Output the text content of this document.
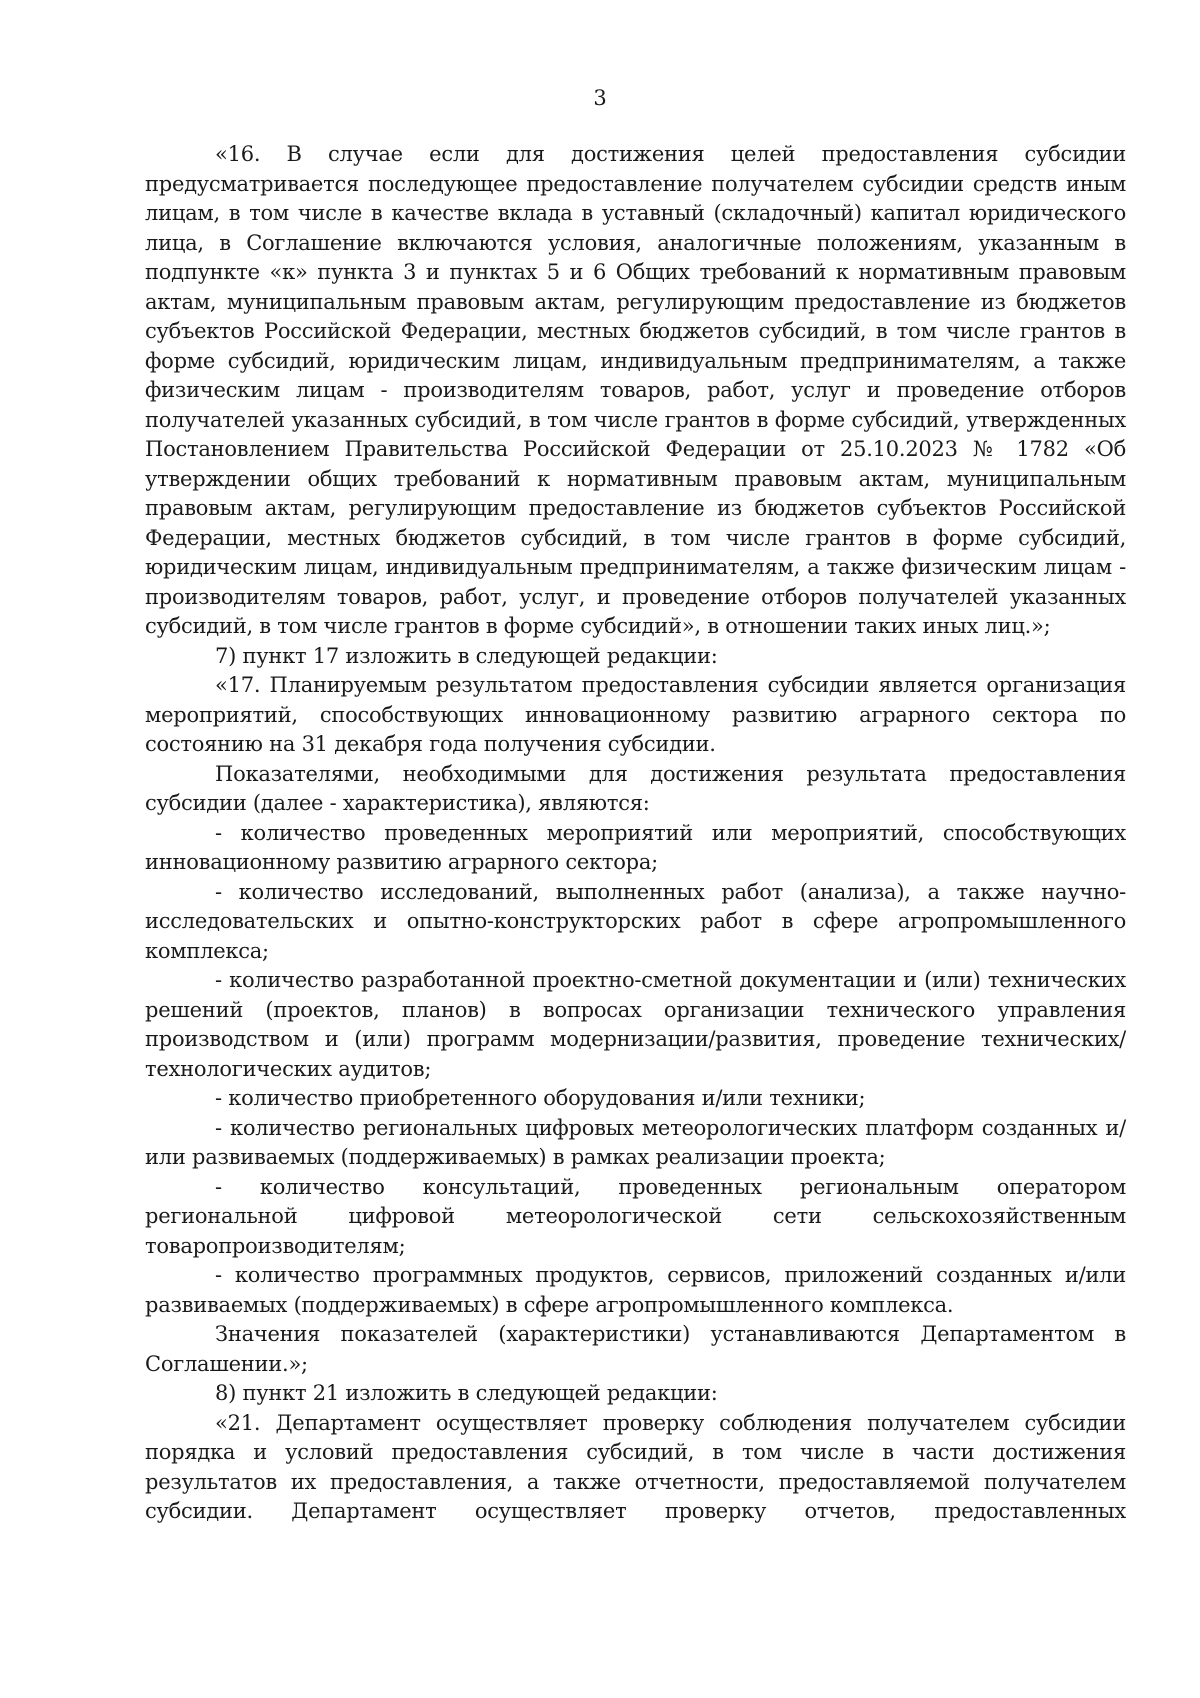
3

«16. В случае если для достижения целей предоставления субсидии предусматривается последующее предоставление получателем субсидии средств иным лицам, в том числе в качестве вклада в уставный (складочный) капитал юридического лица, в Соглашение включаются условия, аналогичные положениям, указанным в подпункте «к» пункта 3 и пунктах 5 и 6 Общих требований к нормативным правовым актам, муниципальным правовым актам, регулирующим предоставление из бюджетов субъектов Российской Федерации, местных бюджетов субсидий, в том числе грантов в форме субсидий, юридическим лицам, индивидуальным предпринимателям, а также физическим лицам - производителям товаров, работ, услуг и проведение отборов получателей указанных субсидий, в том числе грантов в форме субсидий, утвержденных Постановлением Правительства Российской Федерации от 25.10.2023 № 1782 «Об утверждении общих требований к нормативным правовым актам, муниципальным правовым актам, регулирующим предоставление из бюджетов субъектов Российской Федерации, местных бюджетов субсидий, в том числе грантов в форме субсидий, юридическим лицам, индивидуальным предпринимателям, а также физическим лицам - производителям товаров, работ, услуг, и проведение отборов получателей указанных субсидий, в том числе грантов в форме субсидий», в отношении таких иных лиц.»;

7) пункт 17 изложить в следующей редакции:

«17. Планируемым результатом предоставления субсидии является организация мероприятий, способствующих инновационному развитию аграрного сектора по состоянию на 31 декабря года получения субсидии.

Показателями, необходимыми для достижения результата предоставления субсидии (далее - характеристика), являются:

- количество проведенных мероприятий или мероприятий, способствующих инновационному развитию аграрного сектора;

- количество исследований, выполненных работ (анализа), а также научно-исследовательских и опытно-конструкторских работ в сфере агропромышленного комплекса;

- количество разработанной проектно-сметной документации и (или) технических решений (проектов, планов) в вопросах организации технического управления производством и (или) программ модернизации/развития, проведение технических/технологических аудитов;

- количество приобретенного оборудования и/или техники;

- количество региональных цифровых метеорологических платформ созданных и/или развиваемых (поддерживаемых) в рамках реализации проекта;

- количество консультаций, проведенных региональным оператором региональной цифровой метеорологической сети сельскохозяйственным товаропроизводителям;

- количество программных продуктов, сервисов, приложений созданных и/или развиваемых (поддерживаемых) в сфере агропромышленного комплекса.

Значения показателей (характеристики) устанавливаются Департаментом в Соглашении.»;

8) пункт 21 изложить в следующей редакции:

«21. Департамент осуществляет проверку соблюдения получателем субсидии порядка и условий предоставления субсидий, в том числе в части достижения результатов их предоставления, а также отчетности, предоставляемой получателем субсидии. Департамент осуществляет проверку отчетов, предоставленных
